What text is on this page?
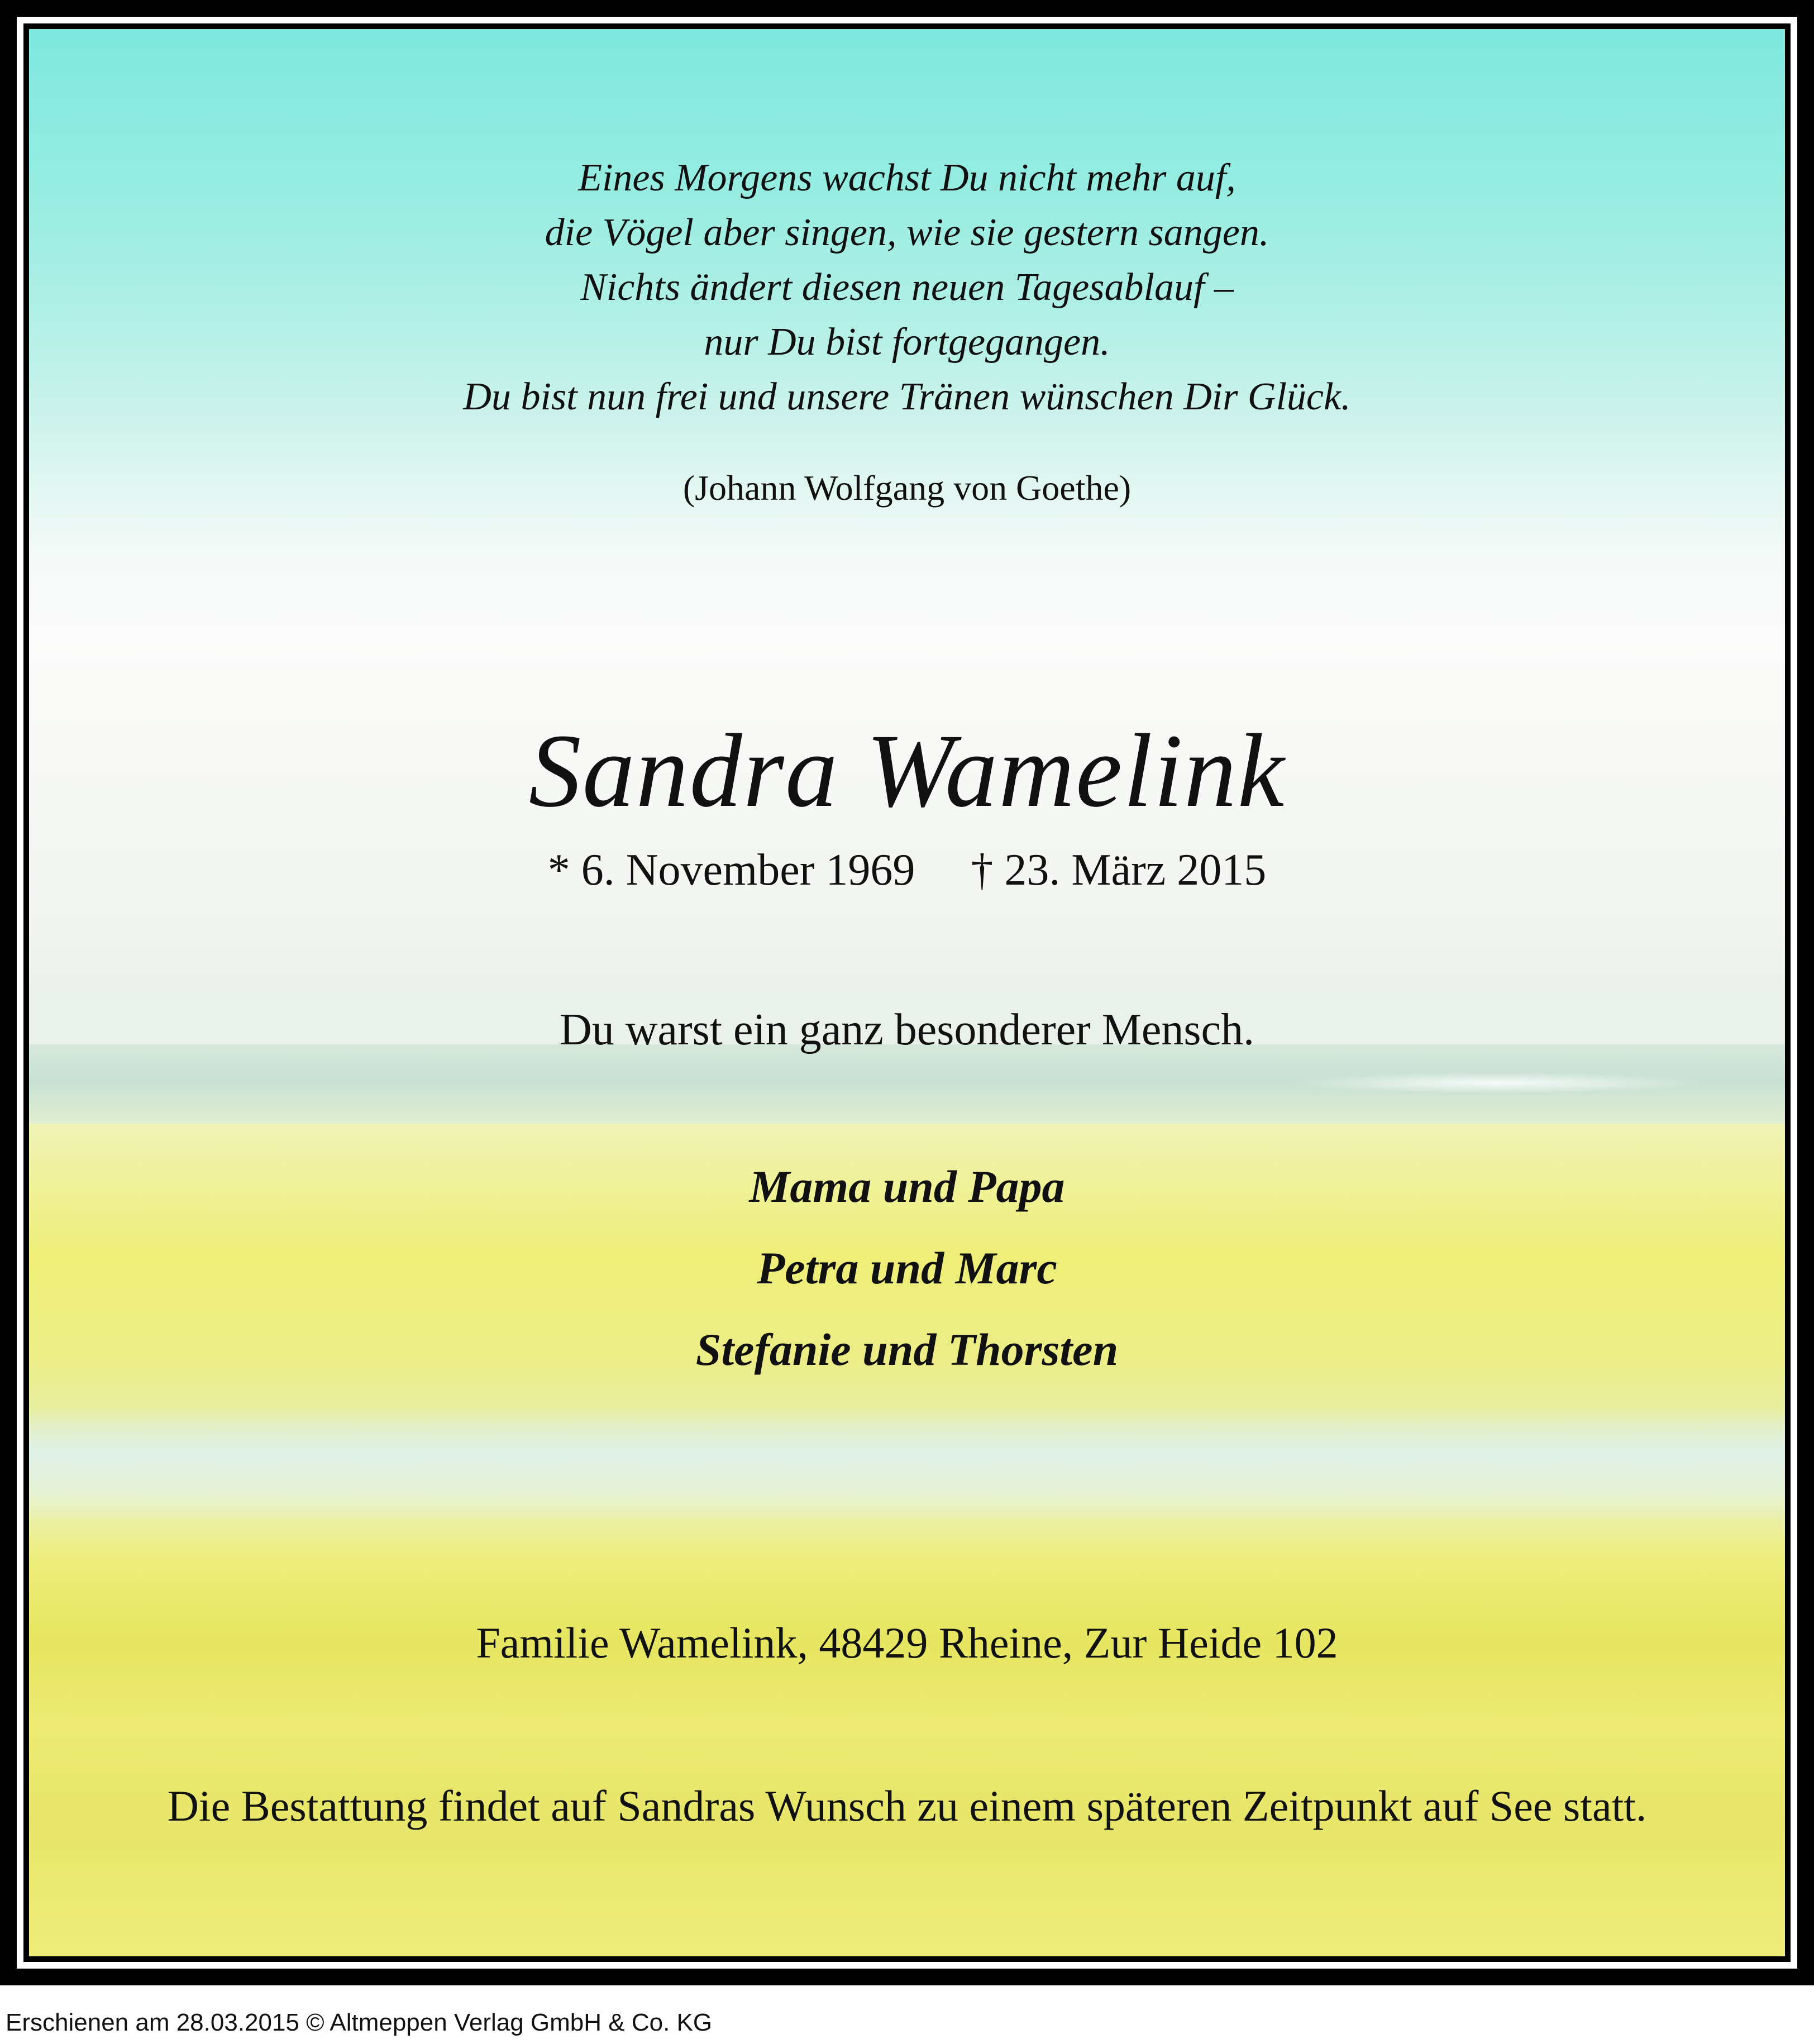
Eines Morgens wachst Du nicht mehr auf,
die Vögel aber singen, wie sie gestern sangen.
Nichts ändert diesen neuen Tagesablauf –
nur Du bist fortgegangen.
Du bist nun frei und unsere Tränen wünschen Dir Glück.

(Johann Wolfgang von Goethe)
Sandra Wamelink
* 6. November 1969 † 23. März 2015
Du warst ein ganz besonderer Mensch.
Mama und Papa
Petra und Marc
Stefanie und Thorsten
Familie Wamelink, 48429 Rheine, Zur Heide 102
Die Bestattung findet auf Sandras Wunsch zu einem späteren Zeitpunkt auf See statt.
Erschienen am 28.03.2015 © Altmeppen Verlag GmbH & Co. KG
